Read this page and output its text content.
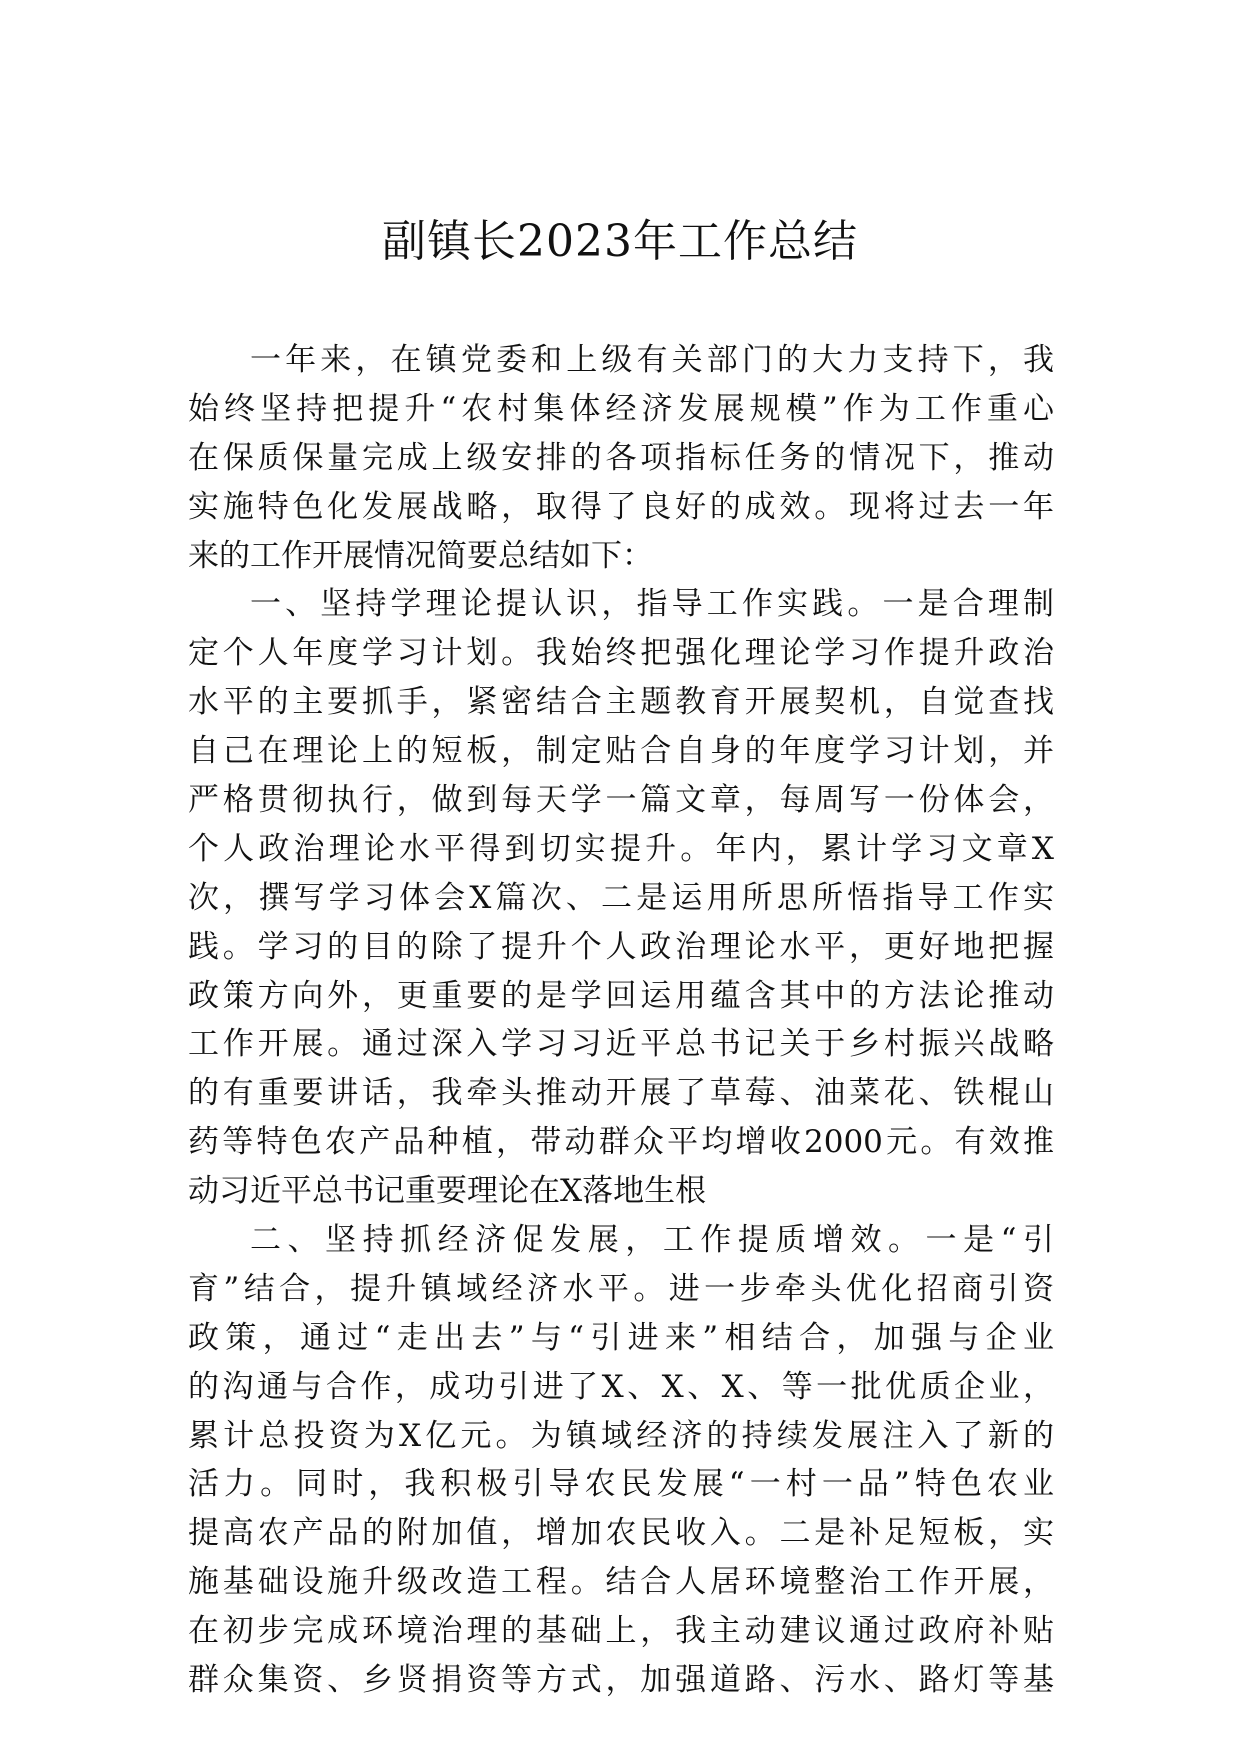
副镇长2023年工作总结
一年来，在镇党委和上级有关部门的大力支持下，我
始终坚持把提升“农村集体经济发展规模”作为工作重心
在保质保量完成上级安排的各项指标任务的情况下，推动
实施特色化发展战略，取得了良好的成效。现将过去一年
来的工作开展情况简要总结如下：
一、坚持学理论提认识，指导工作实践。一是合理制
定个人年度学习计划。我始终把强化理论学习作提升政治
水平的主要抓手，紧密结合主题教育开展契机，自觉查找
自己在理论上的短板，制定贴合自身的年度学习计划，并
严格贯彻执行，做到每天学一篇文章，每周写一份体会，
个人政治理论水平得到切实提升。年内，累计学习文章X
次，撰写学习体会X篇次、二是运用所思所悟指导工作实
践。学习的目的除了提升个人政治理论水平，更好地把握
政策方向外，更重要的是学回运用蕴含其中的方法论推动
工作开展。通过深入学习习近平总书记关于乡村振兴战略
的有重要讲话，我牵头推动开展了草莓、油菜花、铁棍山
药等特色农产品种植，带动群众平均增收2000元。有效推
动习近平总书记重要理论在X落地生根
二、坚持抓经济促发展，工作提质增效。一是“引
育”结合，提升镇域经济水平。进一步牵头优化招商引资
政策，通过“走出去”与“引进来”相结合，加强与企业
的沟通与合作，成功引进了X、X、X、等一批优质企业，
累计总投资为X亿元。为镇域经济的持续发展注入了新的
活力。同时，我积极引导农民发展“一村一品”特色农业
提高农产品的附加值，增加农民收入。二是补足短板，实
施基础设施升级改造工程。结合人居环境整治工作开展，
在初步完成环境治理的基础上，我主动建议通过政府补贴
群众集资、乡贤捐资等方式，加强道路、污水、路灯等基
